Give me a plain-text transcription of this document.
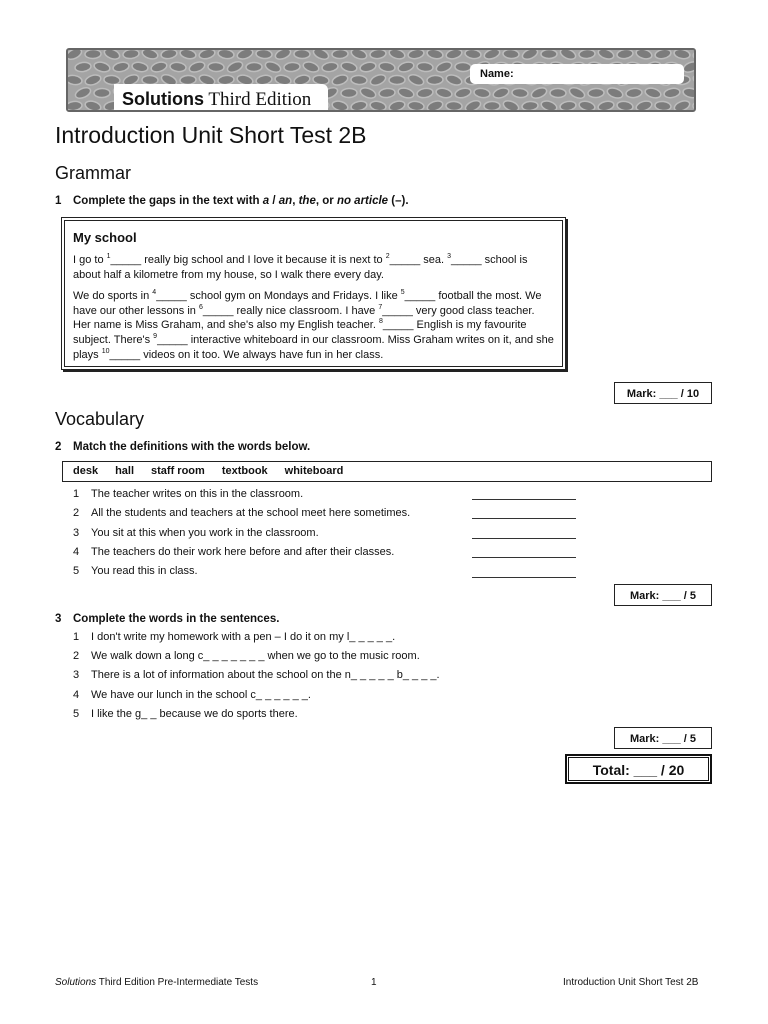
Name:
Solutions Third Edition
Introduction Unit Short Test 2B
Grammar
1 Complete the gaps in the text with a / an, the, or no article (–).
My school

I go to $^1$_____ really big school and I love it because it is next to $^2$_____ sea. $^3$_____ school is about half a kilometre from my house, so I walk there every day.

We do sports in $^4$_____ school gym on Mondays and Fridays. I like $^5$_____ football the most. We have our other lessons in $^6$_____ really nice classroom. I have $^7$_____ very good class teacher. Her name is Miss Graham, and she's also my English teacher. $^8$_____ English is my favourite subject. There's $^9$_____ interactive whiteboard in our classroom. Miss Graham writes on it, and she plays $^{10}$_____ videos on it too. We always have fun in her class.

Mark: ___ / 10
Vocabulary
2 Match the definitions with the words below.
desk hall staff room textbook whiteboard
1 The teacher writes on this in the classroom.
2 All the students and teachers at the school meet here sometimes.
3 You sit at this when you work in the classroom.
4 The teachers do their work here before and after their classes.
5 You read this in class.
Mark: ___ / 5
3 Complete the words in the sentences.
1 I don't write my homework with a pen – I do it on my l_ _ _ _ _.
2 We walk down a long c_ _ _ _ _ _ _ when we go to the music room.
3 There is a lot of information about the school on the n_ _ _ _ _ b_ _ _ _.
4 We have our lunch in the school c_ _ _ _ _ _.
5 I like the g_ _ because we do sports there.
Mark: ___ / 5
Total: ___ / 20
Solutions Third Edition Pre-Intermediate Tests	1	Introduction Unit Short Test 2B
